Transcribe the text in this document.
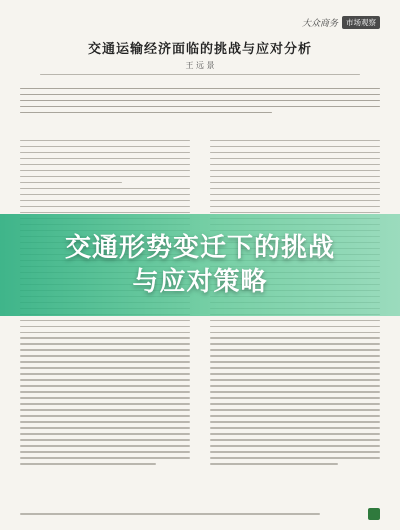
大众商务	市场观察
交通运输经济面临的挑战与应对分析
王 远 景

交通形势变迁下的挑战
与应对策略
